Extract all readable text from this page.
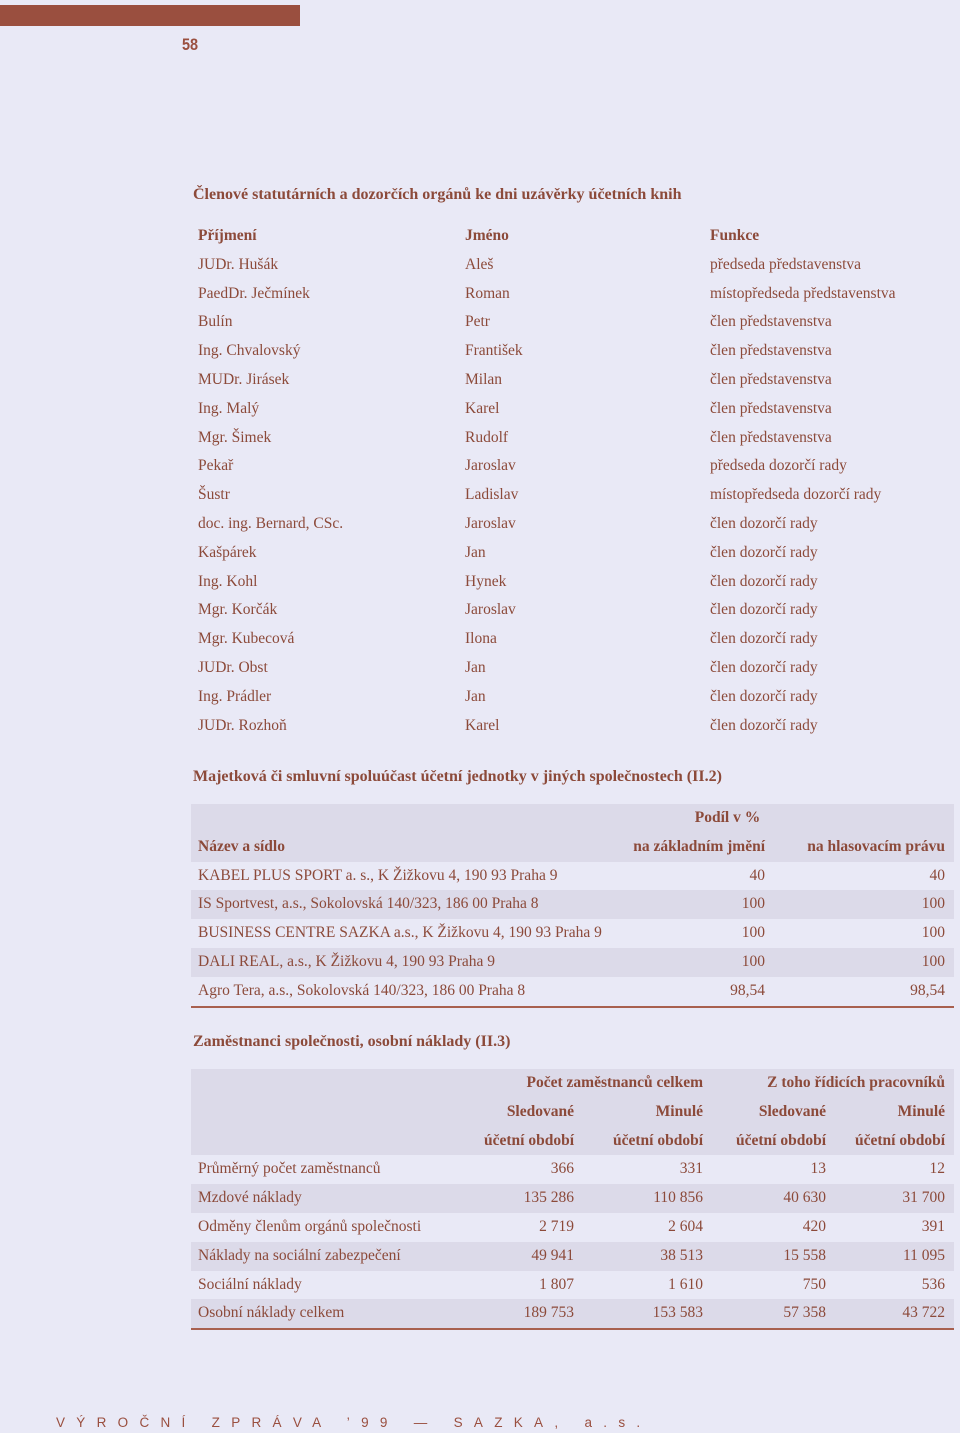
58
Členové statutárních a dozorčích orgánů ke dni uzávěrky účetních knih
Příjmení	Jméno	Funkce
JUDr. Hušák	Aleš	předseda představenstva
PaedDr. Ječmínek	Roman	místopředseda představenstva
Bulín	Petr	člen představenstva
Ing. Chvalovský	František	člen představenstva
MUDr. Jirásek	Milan	člen představenstva
Ing. Malý	Karel	člen představenstva
Mgr. Šimek	Rudolf	člen představenstva
Pekař	Jaroslav	předseda dozorčí rady
Šustr	Ladislav	místopředseda dozorčí rady
doc. ing. Bernard, CSc.	Jaroslav	člen dozorčí rady
Kašpárek	Jan	člen dozorčí rady
Ing. Kohl	Hynek	člen dozorčí rady
Mgr. Korčák	Jaroslav	člen dozorčí rady
Mgr. Kubecová	Ilona	člen dozorčí rady
JUDr. Obst	Jan	člen dozorčí rady
Ing. Prádler	Jan	člen dozorčí rady
JUDr. Rozhoň	Karel	člen dozorčí rady
Majetková či smluvní spoluúčast účetní jednotky v jiných společnostech (II.2)
	Podíl v %	
Název a sídlo	na základním jmění	na hlasovacím právu
KABEL PLUS SPORT a. s., K Žižkovu 4, 190 93 Praha 9	40	40
IS Sportvest, a.s., Sokolovská 140/323, 186 00 Praha 8	100	100
BUSINESS CENTRE SAZKA a.s., K Žižkovu 4, 190 93 Praha 9	100	100
DALI REAL, a.s., K Žižkovu 4, 190 93 Praha 9	100	100
Agro Tera, a.s., Sokolovská 140/323, 186 00 Praha 8	98,54	98,54
Zaměstnanci společnosti, osobní náklady (II.3)
	Počet zaměstnanců celkem		Z toho řídicích pracovníků	
	Sledované	Minulé	Sledované	Minulé
	účetní období	účetní období	účetní období	účetní období
Průměrný počet zaměstnanců	366	331	13	12
Mzdové náklady	135 286	110 856	40 630	31 700
Odměny členům orgánů společnosti	2 719	2 604	420	391
Náklady na sociální zabezpečení	49 941	38 513	15 558	11 095
Sociální náklady	1 807	1 610	750	536
Osobní náklady celkem	189 753	153 583	57 358	43 722
VÝROČNÍ ZPRÁVA ’99 — SAZKA, a.s.
